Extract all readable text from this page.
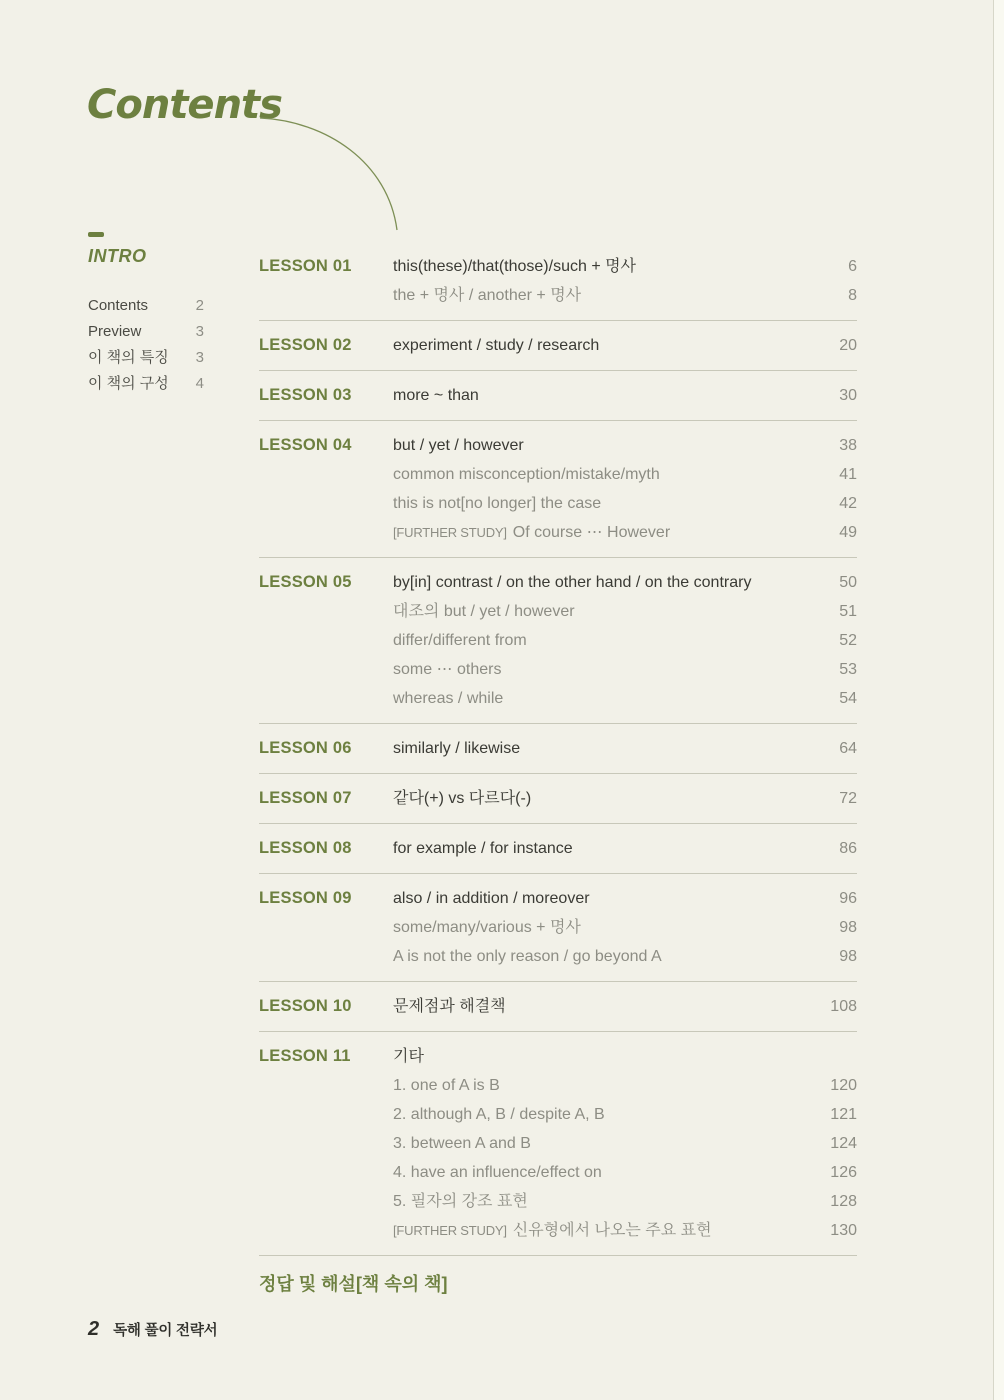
Contents
INTRO
Contents	2
Preview	3
이 책의 특징 3
이 책의 구성 4
LESSON 01	this(these)/that(those)/such + 명사	6
the + 명사 / another + 명사	8
LESSON 02	experiment / study / research	20
LESSON 03	more ~ than	30
LESSON 04	but / yet / however	38
common misconception/mistake/myth	41
this is not[no longer] the case	42
[FURTHER STUDY] Of course ⋯ However	49
LESSON 05	by[in] contrast / on the other hand / on the contrary	50
대조의 but / yet / however	51
differ/different from	52
some ⋯ others	53
whereas / while	54
LESSON 06	similarly / likewise	64
LESSON 07	같다(+) vs 다르다(-)	72
LESSON 08	for example / for instance	86
LESSON 09	also / in addition / moreover	96
some/many/various + 명사	98
A is not the only reason / go beyond A	98
LESSON 10	문제점과 해결책	108
LESSON 11	기타
1. one of A is B	120
2. although A, B / despite A, B	121
3. between A and B	124
4. have an influence/effect on	126
5. 필자의 강조 표현	128
[FURTHER STUDY] 신유형에서 나오는 주요 표현	130
정답 및 해설[책 속의 책]
2 독해 풀이 전략서
